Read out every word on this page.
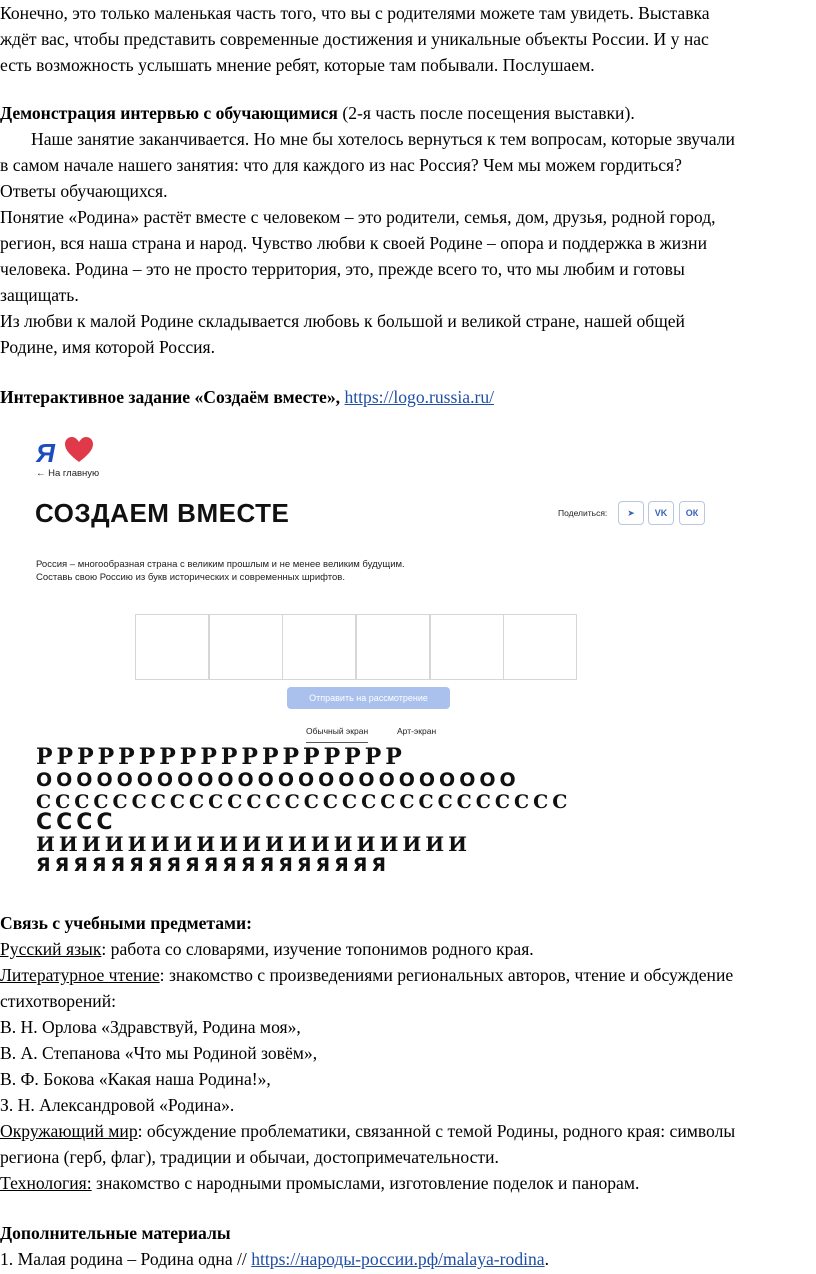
Конечно, это только маленькая часть того, что вы с родителями можете там увидеть. Выставка
ждёт вас, чтобы представить современные достижения и уникальные объекты России. И у нас
есть возможность услышать мнение ребят, которые там побывали. Послушаем.
Демонстрация интервью с обучающимися (2-я часть после посещения выставки).
Наше занятие заканчивается. Но мне бы хотелось вернуться к тем вопросам, которые звучали
в самом начале нашего занятия: что для каждого из нас Россия? Чем мы можем гордиться?
Ответы обучающихся.
Понятие «Родина» растёт вместе с человеком – это родители, семья, дом, друзья, родной город,
регион, вся наша страна и народ. Чувство любви к своей Родине – опора и поддержка в жизни
человека. Родина – это не просто территория, это, прежде всего то, что мы любим и готовы
защищать.
Из любви к малой Родине складывается любовь к большой и великой стране, нашей общей
Родине, имя которой Россия.
Интерактивное задание «Создаём вместе», https://logo.russia.ru/
Я
← На главную
СОЗДАЕМ ВМЕСТЕ	Поделиться:	➤	VK	ОК
Россия – многообразная страна с великим прошлым и не менее великим будущим.
Составь свою Россию из букв исторических и современных шрифтов.
Отправить на рассмотрение
Обычный экран	Арт-экран
РРРРРРРРРРРРРРРРРР
ОООООООООООООООООООООООО
СССССССССССССССССССССССССССС
СССС
ИИИИИИИИИИИИИИИИИИИ
ЯЯЯЯЯЯЯЯЯЯЯЯЯЯЯЯЯЯЯ
Связь с учебными предметами:
Русский язык: работа со словарями, изучение топонимов родного края.
Литературное чтение: знакомство с произведениями региональных авторов, чтение и обсуждение
стихотворений:
В. Н. Орлова «Здравствуй, Родина моя»,
В. А. Степанова «Что мы Родиной зовём»,
В. Ф. Бокова «Какая наша Родина!»,
З. Н. Александровой «Родина».
Окружающий мир: обсуждение проблематики, связанной с темой Родины, родного края: символы
региона (герб, флаг), традиции и обычаи, достопримечательности.
Технология: знакомство с народными промыслами, изготовление поделок и панорам.
Дополнительные материалы
1. Малая родина – Родина одна // https://народы-россии.рф/malaya-rodina.
